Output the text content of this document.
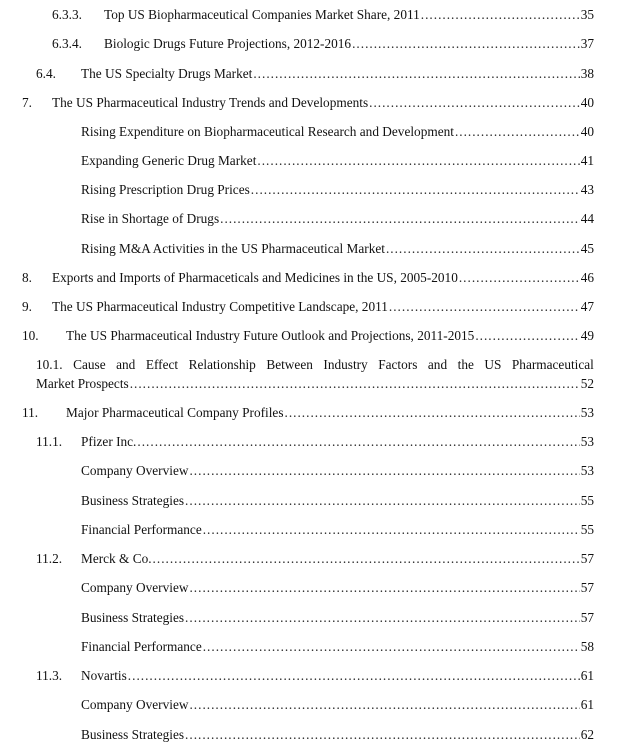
6.3.3. Top US Biopharmaceutical Companies Market Share, 2011 .....	35
6.3.4. Biologic Drugs Future Projections, 2012-2016 .....	37
6.4. The US Specialty Drugs Market .....	38
7. The US Pharmaceutical Industry Trends and Developments .....	40
Rising Expenditure on Biopharmaceutical Research and Development .....	40
Expanding Generic Drug Market .....	41
Rising Prescription Drug Prices .....	43
Rise in Shortage of Drugs .....	44
Rising M&A Activities in the US Pharmaceutical Market .....	45
8. Exports and Imports of Pharmaceticals and Medicines in the US, 2005-2010 .....	46
9. The US Pharmaceutical Industry Competitive Landscape, 2011 .....	47
10. The US Pharmaceutical Industry Future Outlook and Projections, 2011-2015 .....	49
10.1. Cause and Effect Relationship Between Industry Factors and the US Pharmaceutical
Market Prospects .....	52
11. Major Pharmaceutical Company Profiles .....	53
11.1. Pfizer Inc. .....	53
Company Overview .....	53
Business Strategies .....	55
Financial Performance .....	55
11.2. Merck & Co. .....	57
Company Overview .....	57
Business Strategies .....	57
Financial Performance .....	58
11.3. Novartis .....	61
Company Overview .....	61
Business Strategies .....	62
